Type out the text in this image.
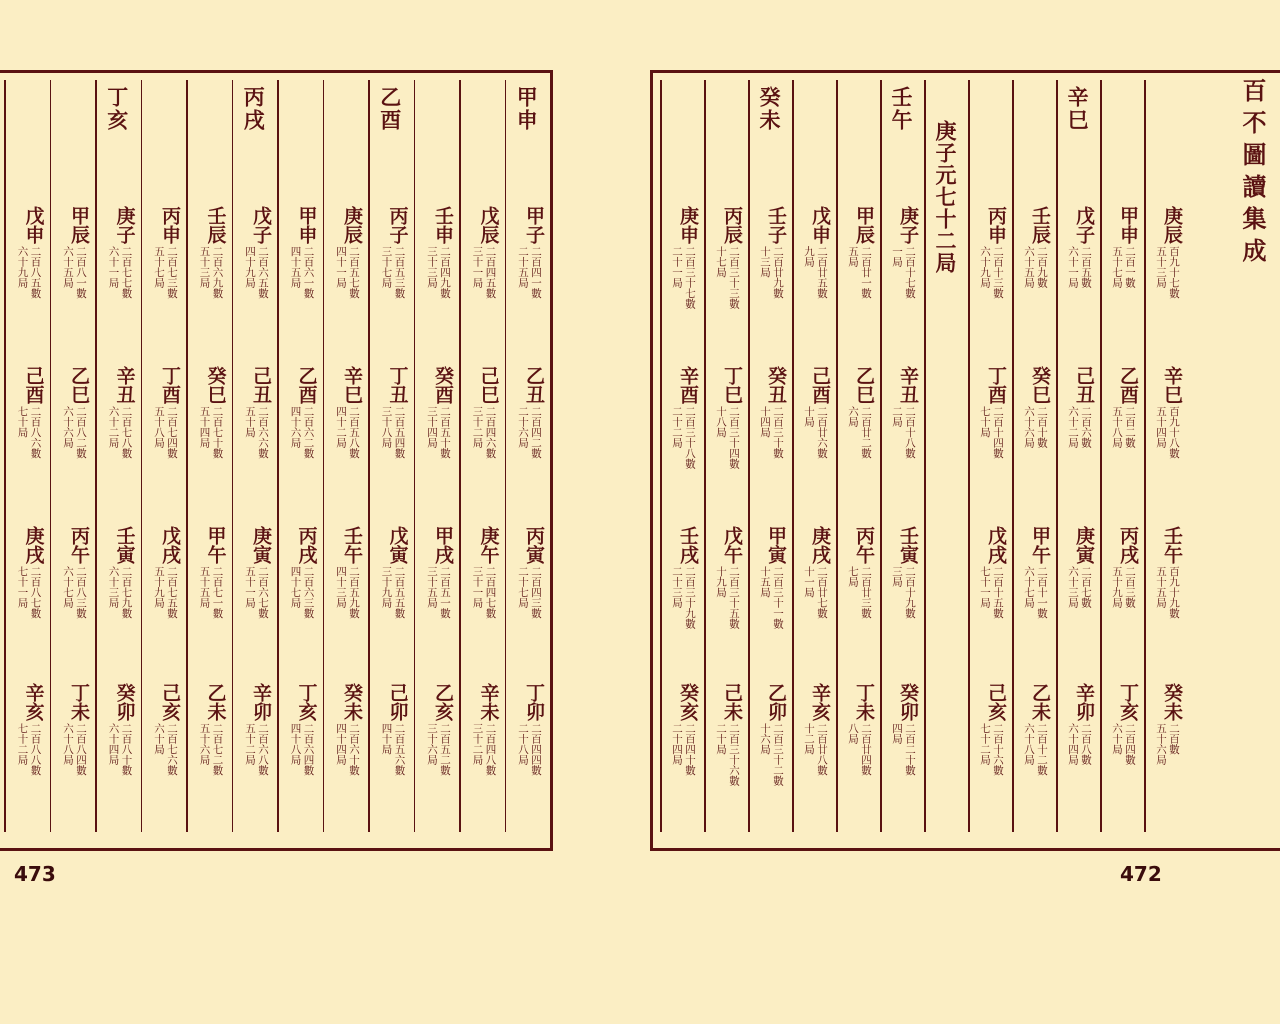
甲申
甲子
二百四一數
二十五局
乙丑
二百四二數
二十六局
丙寅
二百四三數
二十七局
丁卯
二百四四數
二十八局
戊辰
二百四五數
三十一局
己巳
二百四六數
三十二局
庚午
二百四七數
三十一局
辛未
二百四八數
三十二局
壬申
二百四九數
三十三局
癸酉
二百五十數
三十四局
甲戌
二百五一數
三十五局
乙亥
二百五二數
三十六局
乙酉
丙子
二百五三數
三十七局
丁丑
二百五四數
三十八局
戊寅
二百五五數
三十九局
己卯
二百五六數
四十局
庚辰
二百五七數
四十一局
辛巳
二百五八數
四十二局
壬午
二百五九數
四十三局
癸未
二百六十數
四十四局
甲申
二百六一數
四十五局
乙酉
二百六二數
四十六局
丙戌
二百六三數
四十七局
丁亥
二百六四數
四十八局
丙戌
戊子
二百六五數
四十九局
己丑
二百六六數
五十局
庚寅
二百六七數
五十一局
辛卯
二百六八數
五十二局
壬辰
二百六九數
五十三局
癸巳
二百七十數
五十四局
甲午
二百七一數
五十五局
乙未
二百七二數
五十六局
丙申
二百七三數
五十七局
丁酉
二百七四數
五十八局
戊戌
二百七五數
五十九局
己亥
二百七六數
六十局
丁亥
庚子
二百七七數
六十一局
辛丑
二百七八數
六十二局
壬寅
二百七九數
六十三局
癸卯
二百八十數
六十四局
甲辰
二百八一數
六十五局
乙巳
二百八二數
六十六局
丙午
二百八三數
六十七局
丁未
二百八四數
六十八局
戊申
二百八五數
六十九局
己酉
二百八六數
七十局
庚戌
二百八七數
七十一局
辛亥
二百八八數
七十二局
庚辰
百九十七數
五十三局
辛巳
百九十八數
五十四局
壬午
百九十九數
五十五局
癸未
二百數
五十六局
甲申
二百一數
五十七局
乙酉
二百二數
五十八局
丙戌
二百三數
五十九局
丁亥
二百四數
六十局
辛巳
戊子
二百五數
六十一局
己丑
二百六數
六十二局
庚寅
二百七數
六十三局
辛卯
二百八數
六十四局
壬辰
二百九數
六十五局
癸巳
二百十數
六十六局
甲午
二百十一數
六十七局
乙未
二百十二數
六十八局
丙申
二百十三數
六十九局
丁酉
二百十四數
七十局
戊戌
二百十五數
七十一局
己亥
二百十六數
七十二局
庚子元七十二局
壬午
庚子
二百十七數
一局
辛丑
二百十八數
二局
壬寅
二百十九數
三局
癸卯
二百二十數
四局
甲辰
二百廿一數
五局
乙巳
二百廿二數
六局
丙午
二百廿三數
七局
丁未
二百廿四數
八局
戊申
二百廿五數
九局
己酉
二百廿六數
十局
庚戌
二百廿七數
十一局
辛亥
二百廿八數
十二局
癸未
壬子
二百廿九數
十三局
癸丑
二百三十數
十四局
甲寅
二百三十一數
十五局
乙卯
二百三十二數
十六局
丙辰
二百三十三數
十七局
丁巳
二百三十四數
十八局
戊午
二百三十五數
十九局
己未
二百三十六數
二十局
庚申
二百三十七數
二十一局
辛酉
二百三十八數
二十二局
壬戌
二百三十九數
二十三局
癸亥
二百四十數
二十四局
百不圖讀集成
473	472
